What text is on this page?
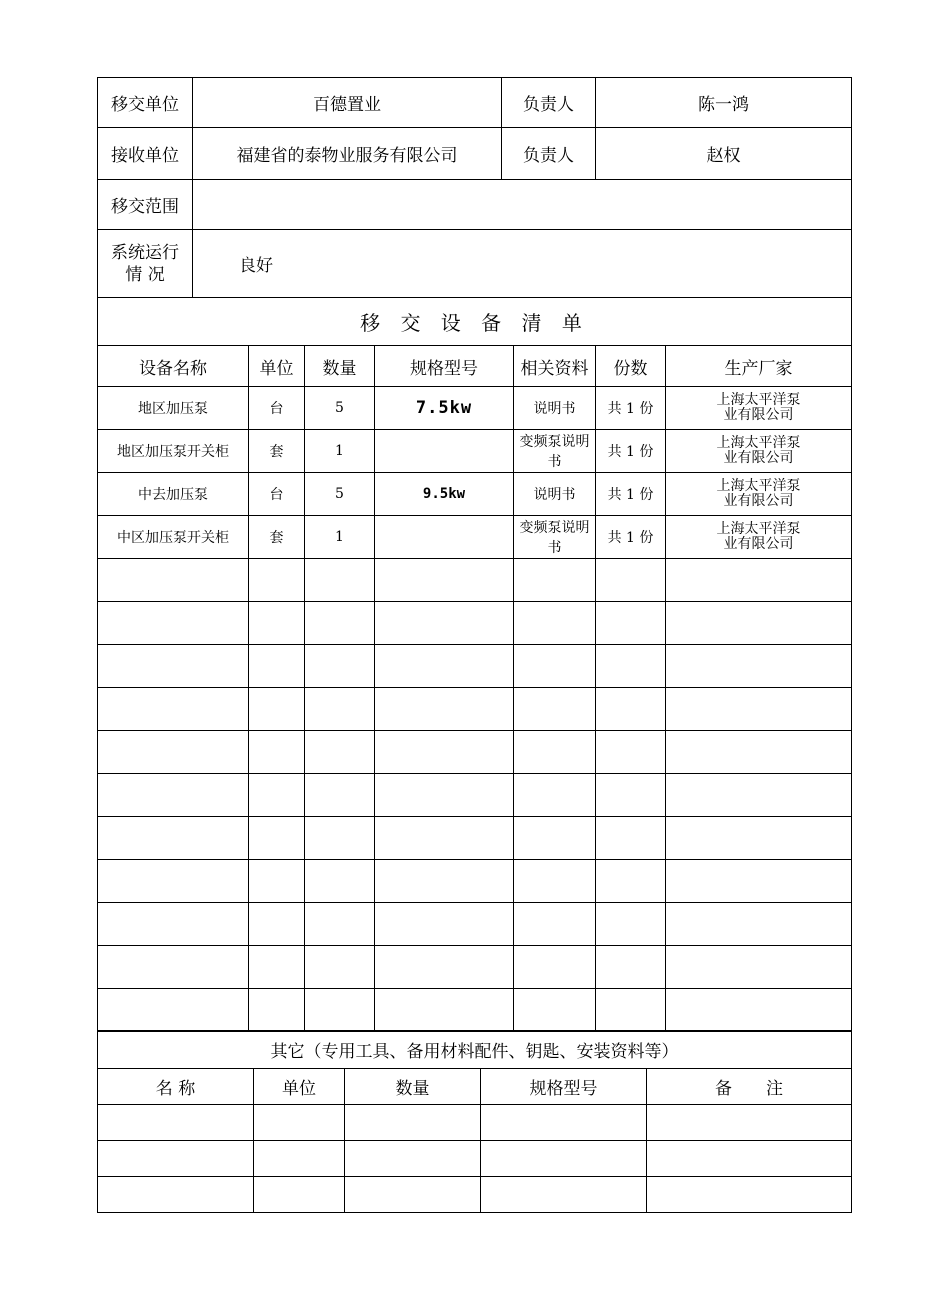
移交单位	百德置业				负责人		陈一鸿	
接收单位	福建省的泰物业服务有限公司				负责人		赵权	
移交范围								
系统运行
情 况	良好							
移 交 设 备 清 单								
设备名称		单位	数量	规格型号		相关资料	份数	生产厂家
地区加压泵		台	5	7.5kw		说明书	共 1 份	上海太平洋泵
业有限公司
地区加压泵开关柜		套	1			变频泵说明书	共 1 份	上海太平洋泵
业有限公司
中去加压泵		台	5	9.5kw		说明书	共 1 份	上海太平洋泵
业有限公司
中区加压泵开关柜		套	1			变频泵说明书	共 1 份	上海太平洋泵
业有限公司

其它（专用工具、备用材料配件、钥匙、安装资料等）				
名 称	单位	数量	规格型号	备　　注
